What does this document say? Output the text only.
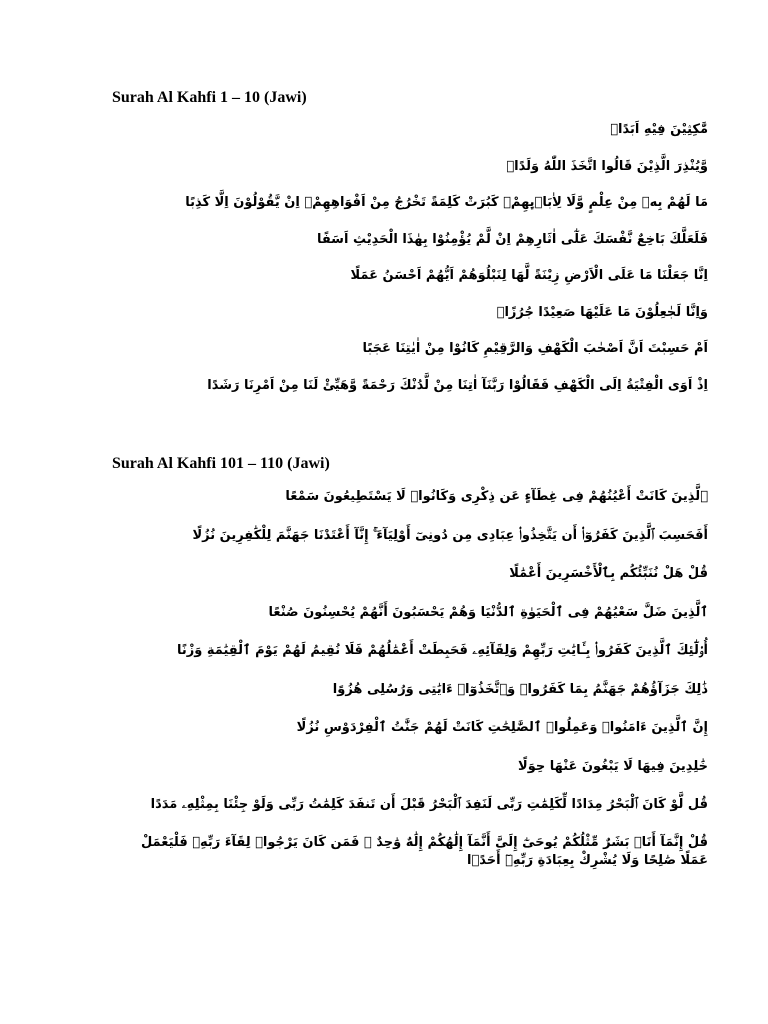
Surah Al Kahfi 1 – 10 (Jawi)

مَّٰكِثِيْنَ فِيْهِ اَبَدًاۙ

وَّيُنْذِرَ الَّذِيْنَ قَالُوا اتَّخَذَ اللّٰهُ وَلَدًاۖ

مَا لَهُمْ بِهٖ مِنْ عِلْمٍ وَّلَا لِاٰبَاۤىِٕهِمْۗ كَبُرَتْ كَلِمَةً تَخْرُجُ مِنْ اَفْوَاهِهِمْۗ اِنْ يَّقُوْلُوْنَ اِلَّا كَذِبًا

فَلَعَلَّكَ بَاخِعٌ نَّفْسَكَ عَلٰٓى اٰثَارِهِمْ اِنْ لَّمْ يُؤْمِنُوْا بِهٰذَا الْحَدِيْثِ اَسَفًا

اِنَّا جَعَلْنَا مَا عَلَى الْاَرْضِ زِيْنَةً لَّهَا لِنَبْلُوَهُمْ اَيُّهُمْ اَحْسَنُ عَمَلًا

وَاِنَّا لَجٰعِلُوْنَ مَا عَلَيْهَا صَعِيْدًا جُرُزًاۗ

اَمْ حَسِبْتَ اَنَّ اَصْحٰبَ الْكَهْفِ وَالرَّقِيْمِ كَانُوْا مِنْ اٰيٰتِنَا عَجَبًا

اِذْ اَوَى الْفِتْيَةُ اِلَى الْكَهْفِ فَقَالُوْا رَبَّنَآ اٰتِنَا مِنْ لَّدُنْكَ رَحْمَةً وَّهَيِّئْ لَنَا مِنْ اَمْرِنَا رَشَدًا

Surah Al Kahfi 101 – 110 (Jawi)

ٱلَّذِينَ كَانَتْ أَعْيُنُهُمْ فِى غِطَآءٍ عَن ذِكْرِى وَكَانُوا۟ لَا يَسْتَطِيعُونَ سَمْعًا

أَفَحَسِبَ ٱلَّذِينَ كَفَرُوٓا۟ أَن يَتَّخِذُوا۟ عِبَادِى مِن دُونِىٓ أَوْلِيَآءَ ۚ إِنَّآ أَعْتَدْنَا جَهَنَّمَ لِلْكَٰفِرِينَ نُزُلًا

قُلْ هَلْ نُنَبِّئُكُم بِٱلْأَخْسَرِينَ أَعْمَٰلًا

ٱلَّذِينَ ضَلَّ سَعْيُهُمْ فِى ٱلْحَيَوٰةِ ٱلدُّنْيَا وَهُمْ يَحْسَبُونَ أَنَّهُمْ يُحْسِنُونَ صُنْعًا

أُو۟لَٰٓئِكَ ٱلَّذِينَ كَفَرُوا۟ بِـَٔايَٰتِ رَبِّهِمْ وَلِقَآئِهِۦ فَحَبِطَتْ أَعْمَٰلُهُمْ فَلَا نُقِيمُ لَهُمْ يَوْمَ ٱلْقِيَٰمَةِ وَزْنًا

ذَٰلِكَ جَزَآؤُهُمْ جَهَنَّمُ بِمَا كَفَرُوا۟ وَٱتَّخَذُوٓا۟ ءَايَٰتِى وَرُسُلِى هُزُوًا

إِنَّ ٱلَّذِينَ ءَامَنُوا۟ وَعَمِلُوا۟ ٱلصَّٰلِحَٰتِ كَانَتْ لَهُمْ جَنَّٰتُ ٱلْفِرْدَوْسِ نُزُلًا

خَٰلِدِينَ فِيهَا لَا يَبْغُونَ عَنْهَا حِوَلًا

قُل لَّوْ كَانَ ٱلْبَحْرُ مِدَادًا لِّكَلِمَٰتِ رَبِّى لَنَفِدَ ٱلْبَحْرُ قَبْلَ أَن تَنفَدَ كَلِمَٰتُ رَبِّى وَلَوْ جِئْنَا بِمِثْلِهِۦ مَدَدًا

قُلْ إِنَّمَآ أَنَا۠ بَشَرٌ مِّثْلُكُمْ يُوحَىٰٓ إِلَىَّ أَنَّمَآ إِلَٰهُكُمْ إِلَٰهٌ وَٰحِدٌ ۖ فَمَن كَانَ يَرْجُوا۟ لِقَآءَ رَبِّهِۦ فَلْيَعْمَلْ عَمَلًا صَٰلِحًا وَلَا يُشْرِكْ بِعِبَادَةِ رَبِّهِۦٓ أَحَدًۢا
